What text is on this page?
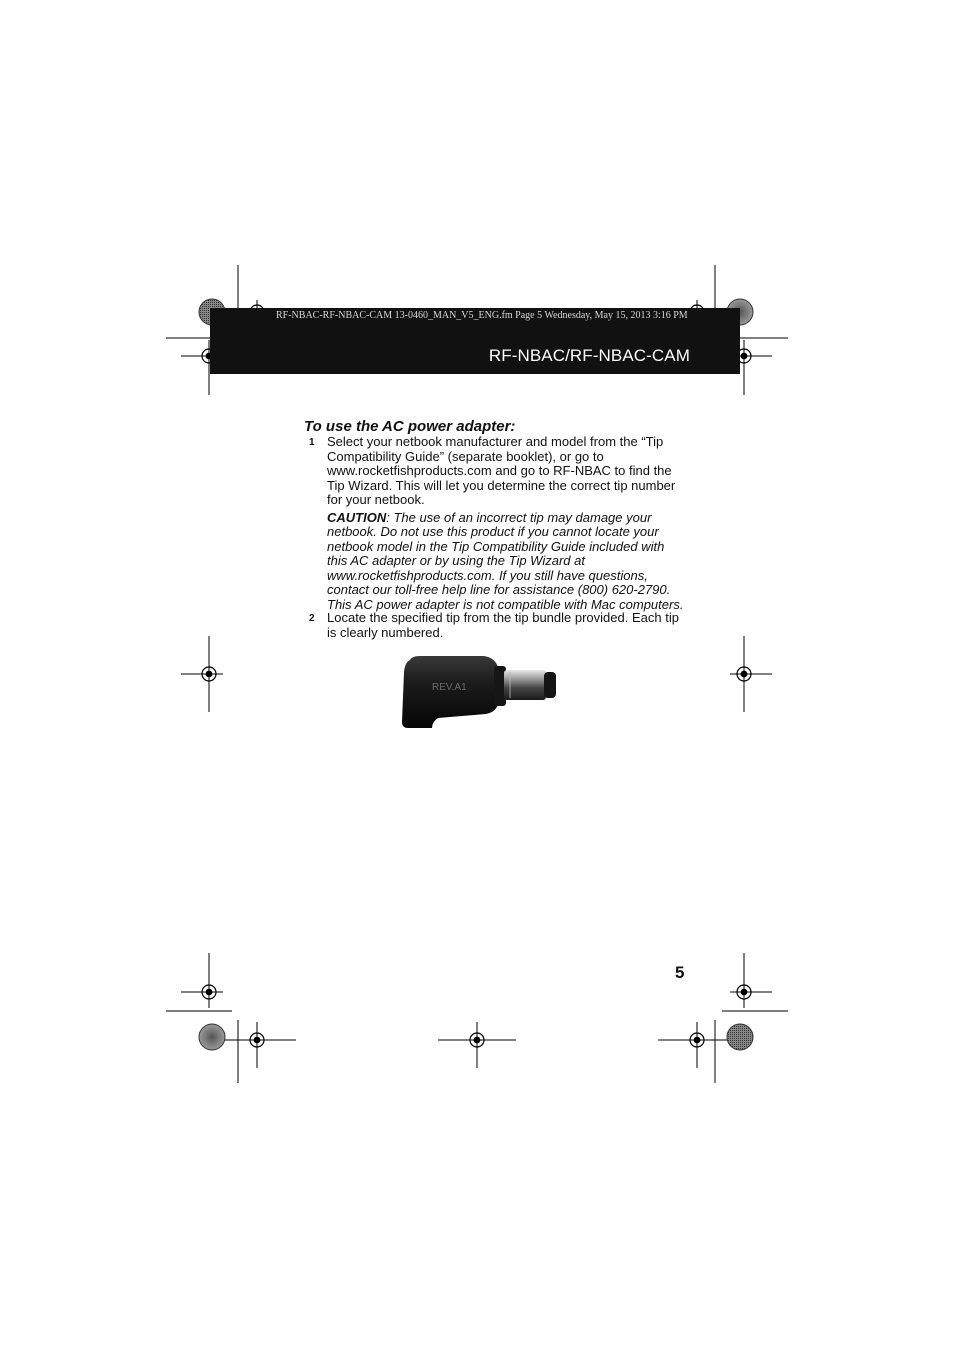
RF-NBAC-RF-NBAC-CAM 13-0460_MAN_V5_ENG.fm Page 5 Wednesday, May 15, 2013 3:16 PM
RF-NBAC/RF-NBAC-CAM
To use the AC power adapter:
1 Select your netbook manufacturer and model from the “Tip Compatibility Guide” (separate booklet), or go to www.rocketfishproducts.com and go to RF-NBAC to find the Tip Wizard. This will let you determine the correct tip number for your netbook.
CAUTION: The use of an incorrect tip may damage your netbook. Do not use this product if you cannot locate your netbook model in the Tip Compatibility Guide included with this AC adapter or by using the Tip Wizard at www.rocketfishproducts.com. If you still have questions, contact our toll-free help line for assistance (800) 620-2790. This AC power adapter is not compatible with Mac computers.
2 Locate the specified tip from the tip bundle provided. Each tip is clearly numbered.
REV.A1
5
